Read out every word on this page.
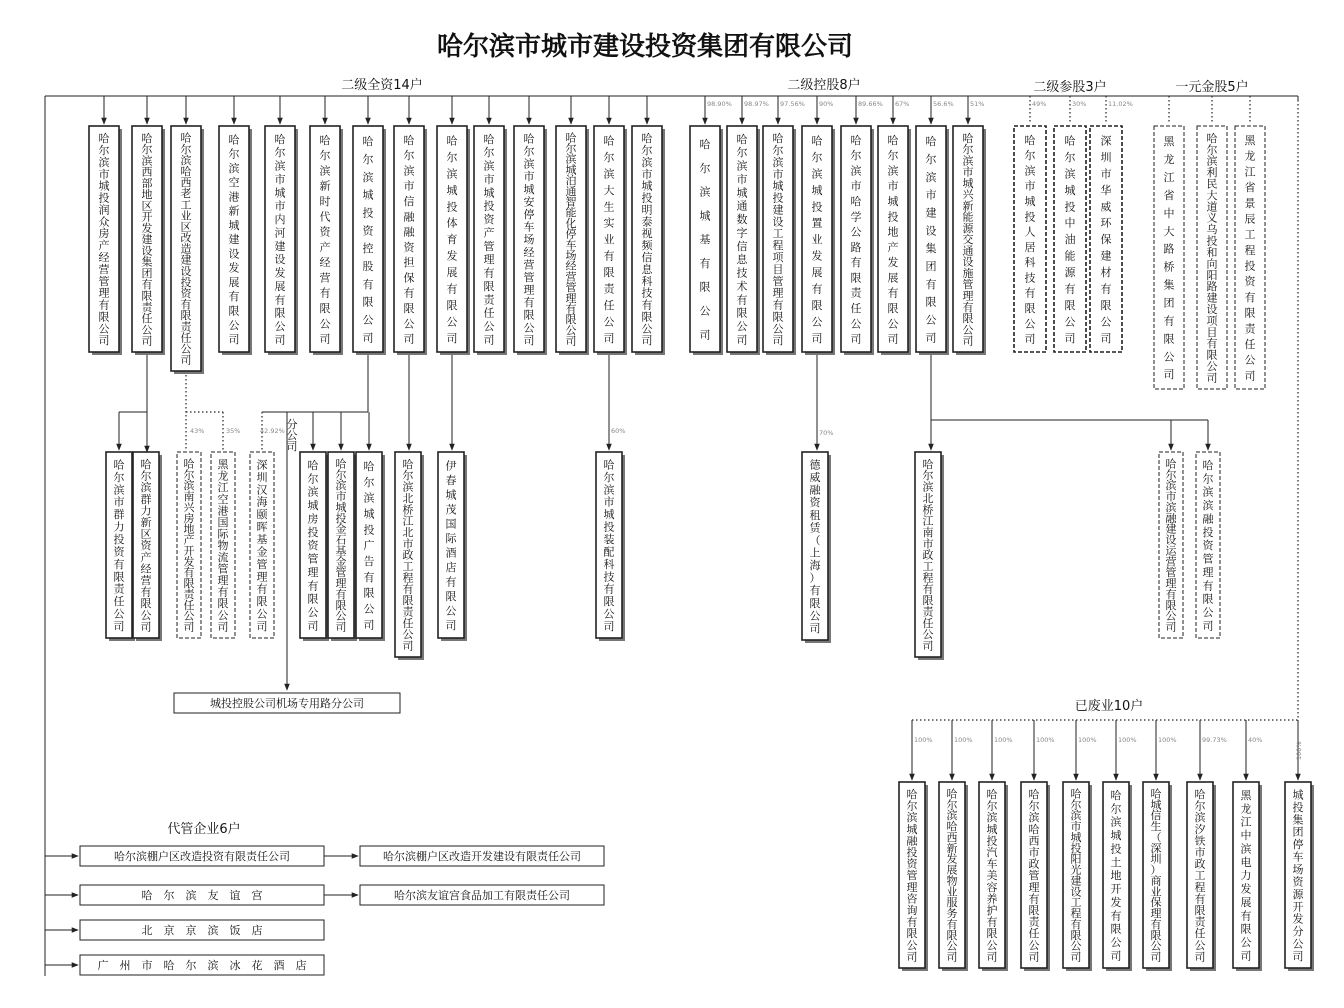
哈尔滨市城市建设投资集团有限公司
二级全资14户	二级控股8户	二级参股3户	一元金股5户
已废业10户
代管企业6户
哈尔滨市城投润众房产经营管理有限公司
哈尔滨西部地区开发建设集团有限责任公司
哈尔滨哈西老工业区改造建设投资有限责任公司
哈尔滨空港新城建设发展有限公司
哈尔滨市城市内河建设发展有限公司
哈尔滨新时代资产经营有限公司
哈尔滨城投资控股有限公司
哈尔滨市信融融资担保有限公司
哈尔滨城投体育发展有限公司
哈尔滨市城投资产管理有限责任公司
哈尔滨市城安停车场经营管理有限公司
哈尔滨城泊通智能化停车场经营管理有限公司
哈尔滨大生实业有限责任公司
哈尔滨市城投明泰视频信息科技有限公司
哈尔滨城基有限公司
哈尔滨市城通数字信息技术有限公司
哈尔滨市城投建设工程项目管理有限公司
哈尔滨城投置业发展有限公司
哈尔滨市哈学公路有限责任公司
哈尔滨市城投地产发展有限公司
哈尔滨市建设集团有限公司
哈尔滨市城兴新能源交通设施管理有限公司
哈尔滨市城投人居科技有限公司
哈尔滨城投中油能源有限公司
深圳市华威环保建材有限公司
黑龙江省中大路桥集团有限公司
哈尔滨利民大道义乌投和向阳路建设项目有限公司
黑龙江省景辰工程投资有限责任公司
哈尔滨市群力投资有限责任公司
哈尔滨群力新区资产经营有限公司
哈尔滨南兴房地产开发有限责任公司
黑龙江空港国际物流管理有限公司
深圳汉海颐晖基金管理有限公司
哈尔滨城房投资管理有限公司
哈尔滨市城投金石基金管理有限公司
哈尔滨城投广告有限公司
哈尔滨北桥江北市政工程有限责任公司
伊春城茂国际酒店有限公司
哈尔滨市城投装配科技有限公司
德威融资租赁（上海）有限公司
哈尔滨北桥江南市政工程有限责任公司
哈尔滨市滨融建设运营管理有限公司
哈尔滨滨融投资管理有限公司
哈尔滨城融投资管理咨询有限公司
哈尔滨哈西新发展物业服务有限公司
哈尔滨城投汽车美容养护有限公司
哈尔滨哈西市政管理有限责任公司
哈尔滨市城投阳光建设工程有限公司
哈尔滨城投土地开发有限公司
哈城信生（深圳）商业保理有限公司
哈尔滨汐铁市政工程有限责任公司
黑龙江中滨电力发展有限公司
城投集团停车场资源开发分公司
98.90% 98.97% 97.56% 90%	89.66% 67%	56.6%	51%	49%	30%	11.02%
43%	35%	42.92%	60%	70%
100%	100%	100%	100%	100%	100%	100%	99.73%	40%
100%
分公司
城投控股公司机场专用路分公司
哈尔滨棚户区改造投资有限责任公司	哈尔滨棚户区改造开发建设有限责任公司
哈　尔　滨　友　谊　宫	哈尔滨友谊宫食品加工有限责任公司
北　京　京　滨　饭　店
广　州　市　哈　尔　滨　冰　花　酒　店
